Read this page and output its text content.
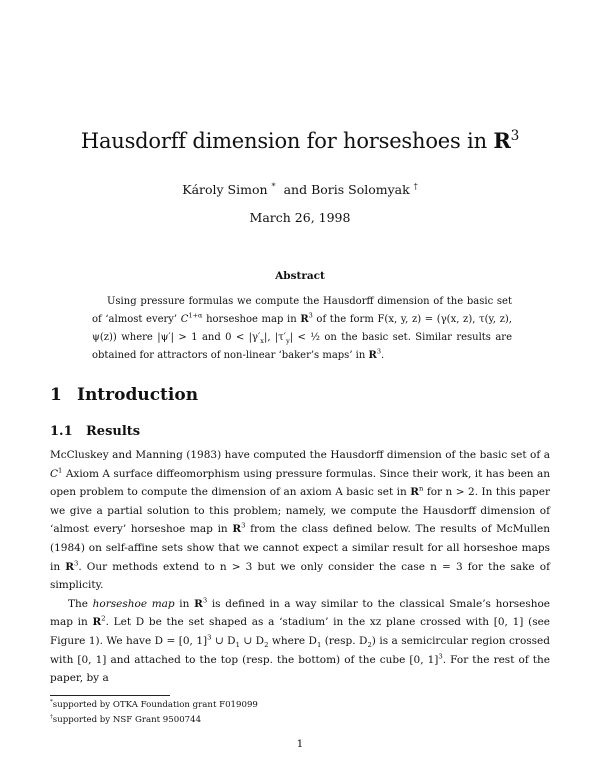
Hausdorff dimension for horseshoes in $R^3$
Károly Simon * and Boris Solomyak †
March 26, 1998
Abstract

Using pressure formulas we compute the Hausdorff dimension of the basic set of ‘almost every’ $C^{1+\alpha}$ horseshoe map in $R^3$ of the form F(x, y, z) = (γ(x, z), τ(y, z), ψ(z)) where |ψ′| > 1 and $0 < |\gamma'_x|$, $|\tau'_y|$ < ½ on the basic set. Similar results are obtained for attractors of non-linear ‘baker’s maps’ in $R^3$.

1 Introduction
1.1 Results

McCluskey and Manning (1983) have computed the Hausdorff dimension of the basic set of a $C^1$ Axiom A surface diffeomorphism using pressure formulas. Since their work, it has been an open problem to compute the dimension of an axiom A basic set in $R^n$ for n > 2. In this paper we give a partial solution to this problem; namely, we compute the Hausdorff dimension of ‘almost every’ horseshoe map in $R^3$ from the class defined below. The results of McMullen (1984) on self-affine sets show that we cannot expect a similar result for all horseshoe maps in $R^3$. Our methods extend to n > 3 but we only consider the case n = 3 for the sake of simplicity.

The horseshoe map in $R^3$ is defined in a way similar to the classical Smale’s horseshoe map in $R^2$. Let D be the set shaped as a ‘stadium’ in the xz plane crossed with [0, 1] (see Figure 1). We have D = [0, 1]$^3$ ∪ $D_1$ ∪ $D_2$ where $D_1$ (resp. $D_2$) is a semicircular region crossed with [0, 1] and attached to the top (resp. the bottom) of the cube [0, 1]$^3$. For the rest of the paper, by a

*supported by OTKA Foundation grant F019099
†supported by NSF Grant 9500744
1
